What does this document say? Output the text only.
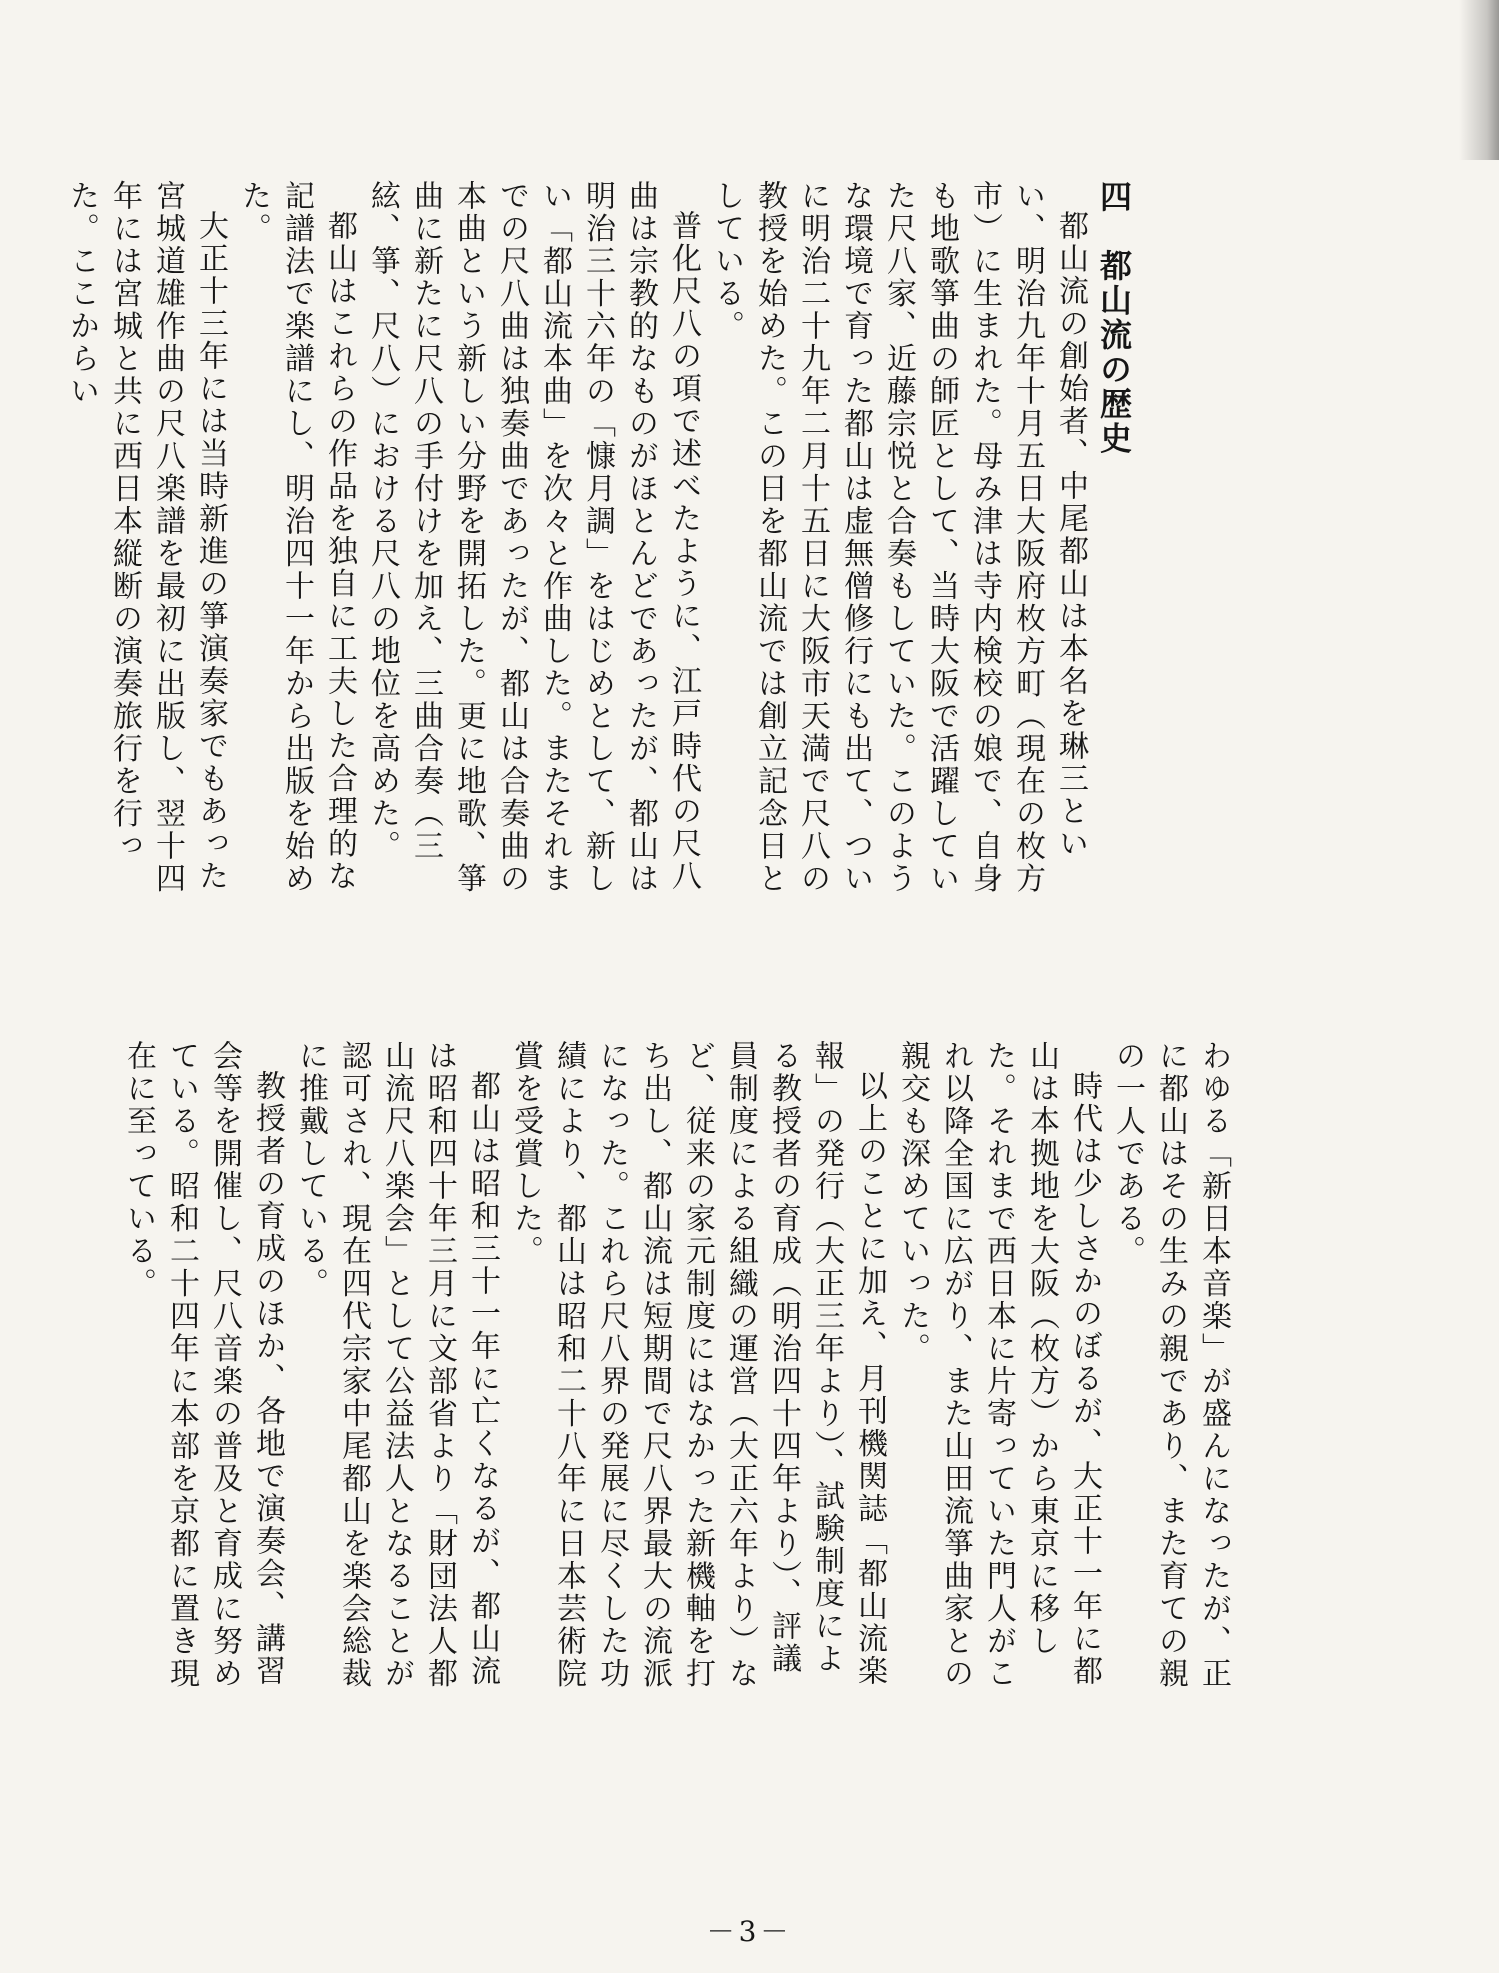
四　都山流の歴史

都山流の創始者、中尾都山は本名を琳三といい、明治九年十月五日大阪府枚方町（現在の枚方市）に生まれた。母み津は寺内検校の娘で、自身も地歌箏曲の師匠として、当時大阪で活躍していた尺八家、近藤宗悦と合奏もしていた。このような環境で育った都山は虚無僧修行にも出て、ついに明治二十九年二月十五日に大阪市天満で尺八の教授を始めた。この日を都山流では創立記念日としている。

普化尺八の項で述べたように、江戸時代の尺八曲は宗教的なものがほとんどであったが、都山は明治三十六年の「慷月調」をはじめとして、新しい「都山流本曲」を次々と作曲した。またそれまでの尺八曲は独奏曲であったが、都山は合奏曲の本曲という新しい分野を開拓した。更に地歌、箏曲に新たに尺八の手付けを加え、三曲合奏（三絃、箏、尺八）における尺八の地位を高めた。

都山はこれらの作品を独自に工夫した合理的な記譜法で楽譜にし、明治四十一年から出版を始めた。

大正十三年には当時新進の箏演奏家でもあった宮城道雄作曲の尺八楽譜を最初に出版し、翌十四年には宮城と共に西日本縦断の演奏旅行を行った。ここからい

わゆる「新日本音楽」が盛んになったが、正に都山はその生みの親であり、また育ての親の一人である。

時代は少しさかのぼるが、大正十一年に都山は本拠地を大阪（枚方）から東京に移した。それまで西日本に片寄っていた門人がこれ以降全国に広がり、また山田流箏曲家との親交も深めていった。

以上のことに加え、月刊機関誌「都山流楽報」の発行（大正三年より）、試験制度による教授者の育成（明治四十四年より）、評議員制度による組織の運営（大正六年より）など、従来の家元制度にはなかった新機軸を打ち出し、都山流は短期間で尺八界最大の流派になった。これら尺八界の発展に尽くした功績により、都山は昭和二十八年に日本芸術院賞を受賞した。

都山は昭和三十一年に亡くなるが、都山流は昭和四十年三月に文部省より「財団法人都山流尺八楽会」として公益法人となることが認可され、現在四代宗家中尾都山を楽会総裁に推戴している。

教授者の育成のほか、各地で演奏会、講習会等を開催し、尺八音楽の普及と育成に努めている。昭和二十四年に本部を京都に置き現在に至っている。

－3－
